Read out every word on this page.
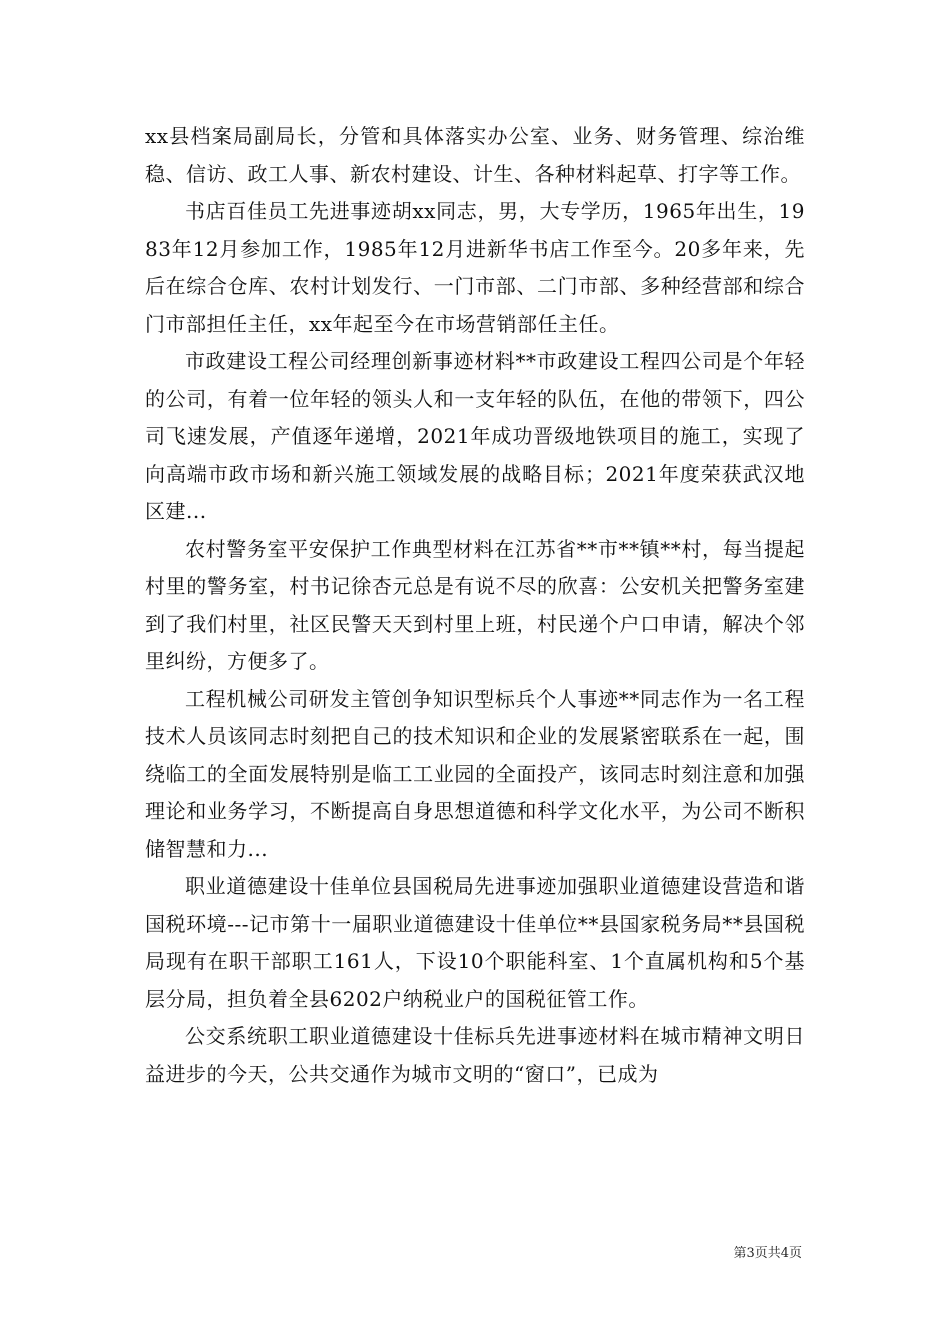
xx县档案局副局长，分管和具体落实办公室、业务、财务管理、综治维稳、信访、政工人事、新农村建设、计生、各种材料起草、打字等工作。

书店百佳员工先进事迹胡xx同志，男，大专学历，1965年出生，1983年12月参加工作，1985年12月进新华书店工作至今。20多年来，先后在综合仓库、农村计划发行、一门市部、二门市部、多种经营部和综合门市部担任主任，xx年起至今在市场营销部任主任。

市政建设工程公司经理创新事迹材料**市政建设工程四公司是个年轻的公司，有着一位年轻的领头人和一支年轻的队伍，在他的带领下，四公司飞速发展，产值逐年递增，2021年成功晋级地铁项目的施工，实现了向高端市政市场和新兴施工领域发展的战略目标；2021年度荣获武汉地区建...

农村警务室平安保护工作典型材料在江苏省**市**镇**村，每当提起村里的警务室，村书记徐杏元总是有说不尽的欣喜：公安机关把警务室建到了我们村里，社区民警天天到村里上班，村民递个户口申请，解决个邻里纠纷，方便多了。

工程机械公司研发主管创争知识型标兵个人事迹**同志作为一名工程技术人员该同志时刻把自己的技术知识和企业的发展紧密联系在一起，围绕临工的全面发展特别是临工工业园的全面投产，该同志时刻注意和加强理论和业务学习，不断提高自身思想道德和科学文化水平，为公司不断积储智慧和力...

职业道德建设十佳单位县国税局先进事迹加强职业道德建设营造和谐国税环境---记市第十一届职业道德建设十佳单位**县国家税务局**县国税局现有在职干部职工161人，下设10个职能科室、1个直属机构和5个基层分局，担负着全县6202户纳税业户的国税征管工作。

公交系统职工职业道德建设十佳标兵先进事迹材料在城市精神文明日益进步的今天，公共交通作为城市文明的“窗口”，已成为

第3页共4页
